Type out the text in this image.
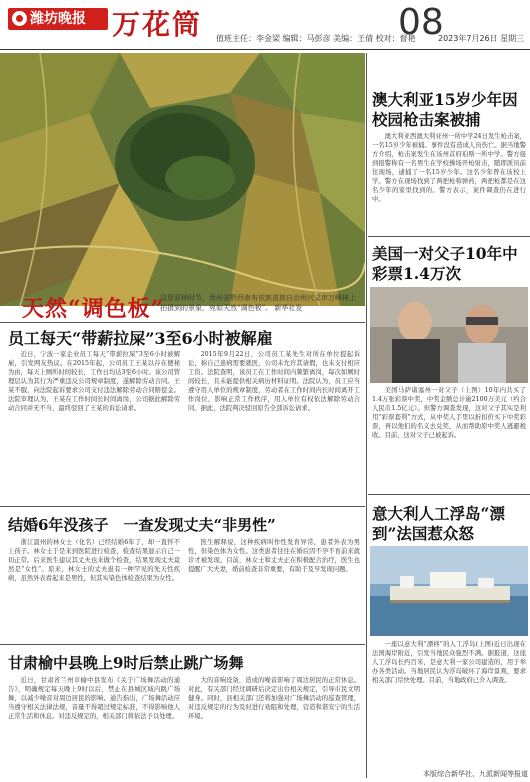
潍坊晚报 万花筒 值班主任：李金梁 编辑：马彭彦 美编：王倩 校对：督艳
08
2023年7月26日 星期三
天然“调色板”
这是夏种时节，贵州省黔西南布依族苗族自治州兴义市万峰林上拍摄到的景象，宛如天然“调色板”。 新华社发
员工每天“带薪拉屎”3至6小时被解雇
近日，宁波一家企业员工每天“带薪拉屎”3至6小时被解雇，引发网友热议。在2015年起，公司员工王某以存在便秘为由，每天上厕所时间较长，工作日均达3至6小时。该公司管理层认为其行为严重违反公司规章制度，遂解除劳动合同。王某不服，向法院起诉要求公司支付违法解除劳动合同赔偿金。法院审理认为，王某在工作时间长时间离岗，公司据此解除劳动合同并无不当，最终驳回了王某的诉讼请求。
2015年9月22日，公司员工某先生对所在单位提起诉讼，称自己患病需要就医，公司未允许其请假，也未支付相应工资。法院查明，该员工在工作时间内频繁离岗，每次如厕时间较长，且未能提供相关病历材料证明。法院认为，员工应当遵守用人单位的规章制度，劳动者在工作时间内长时间离开工作岗位，影响正常工作秩序，用人单位有权依法解除劳动合同。据此，法院判决驳回原告全部诉讼请求。
结婚6年没孩子　一查发现丈夫“非男性”
浙江温州的林女士（化名）已经结婚6年了，却一直怀不上孩子。林女士于是来到医院进行检查，检查结果显示自己一切正常。后来医生建议其丈夫也来做个检查，结果发现丈夫竟然是“女性”。原来，林女士的丈夫患有一种罕见的先天性疾病，虽然外表看起来是男性，但其实染色体检查结果为女性。
医生解释说，这种疾病叫作性发育异常，患者外表为男性，但染色体为女性。这类患者往往在婚后因不孕不育前来就诊才被发现。目前，林女士和丈夫正在积极配合治疗，医生也提醒广大夫妻，婚前检查非常重要，有助于及早发现问题。
甘肃榆中县晚上9时后禁止跳广场舞
近日，甘肃省兰州市榆中县发布《关于广场舞活动的通告》，明确规定每天晚上9时以后，禁止在县城区域内跳广场舞，以减少噪音对周边居民的影响。通告指出，广场舞活动应当遵守相关法律法规，音量不得超过规定标准，不得影响他人正常生活和休息。对违反规定的，相关部门将依法予以处理。
大的音响设备，造成的噪音影响了周边居民的正常休息。对此，有关部门经过调研后决定出台相关规定，引导市民文明健身。同时，县相关部门还将加强对广场舞活动的巡查管理，对违反规定的行为及时进行劝阻和处理，营造和谐安宁的生活环境。
澳大利亚15岁少年因校园枪击案被捕
澳大利亚西澳大利亚州一所中学24日发生枪击案，一名15岁少年被捕。事件没有造成人员伤亡。据当地警方介绍，枪击案发生在该州首府珀斯一所中学。警方接到报警称有一名男生在学校操场开枪射击，随即派员前往现场，逮捕了一名15岁少年。这名少年曾在该校上学。警方在现场找到了两把枪和弹药，两把枪都是在这名少年的家里找到的。警方表示，案件调查仍在进行中。
美国一对父子10年中彩票1.4万次
美国马萨诸塞州一对父子（上图）10年内共买了1.4万张彩票中奖，中奖金额总计逾2100万美元（约合人民币1.5亿元）。但警方调查发现，这对父子其实是利用“彩票套利”方式，从中奖人手里以折扣价买下中奖彩票，再以他们的名义去兑奖，从而帮助原中奖人逃避税收。目前，这对父子已被起诉。
意大利人工浮岛“漂到”法国惹众怒
一座以意大利“漂移”的人工浮岛(上图)近日出现在法国海岸附近，引发当地民众强烈不满。据报道，这座人工浮岛长约百米，是意大利一家公司建造的，用于举办各类活动。当地居民认为浮岛破坏了海岸景观，要求相关部门尽快处理。目前，当地政府已介入调查。
本版综合新华社、九派新闻等报道
